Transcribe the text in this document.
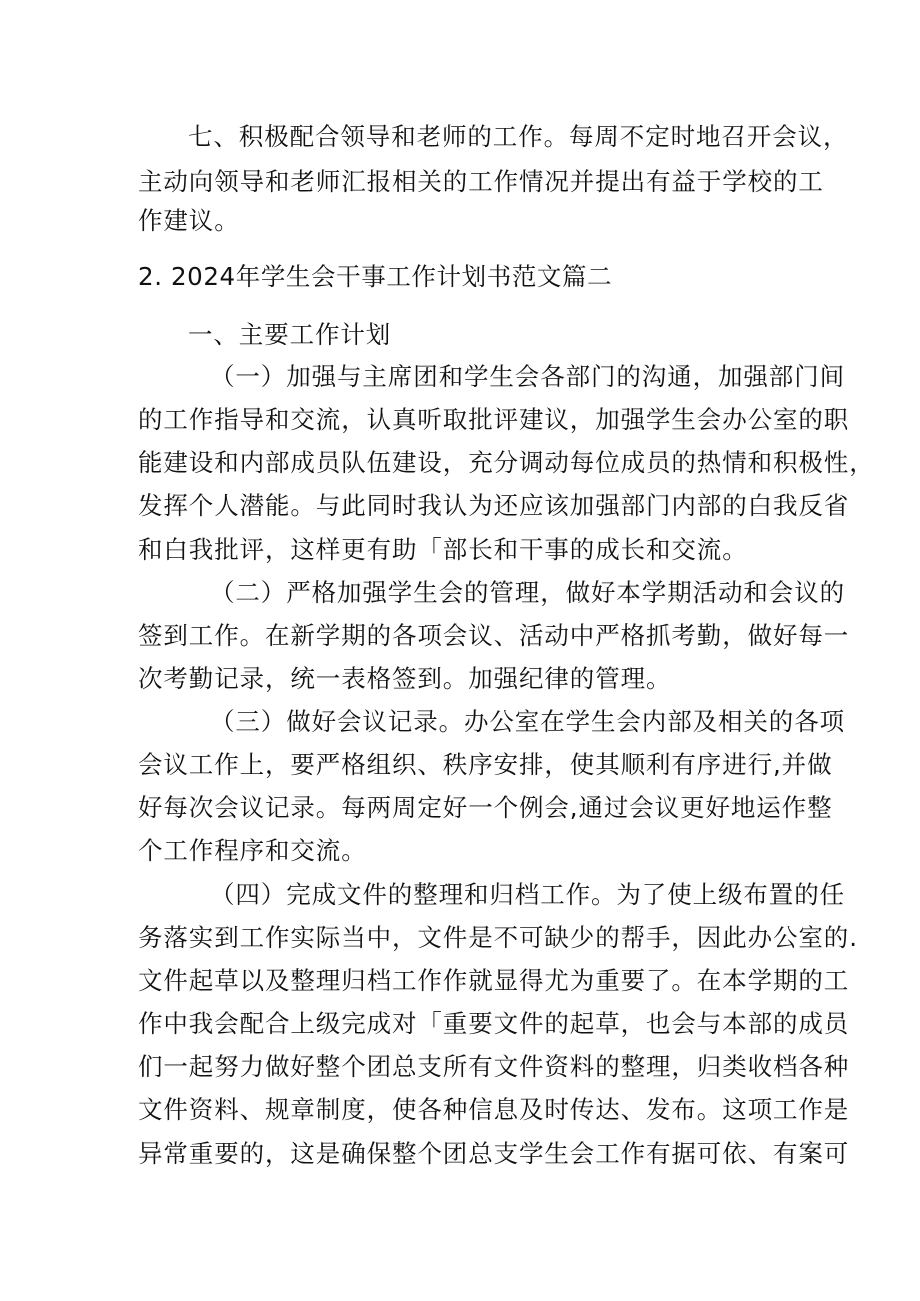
七、积极配合领导和老师的工作。每周不定时地召开会议，
主动向领导和老师汇报相关的工作情况并提出有益于学校的工
作建议。
2. 2024年学生会干事工作计划书范文篇二
一、主要工作计划
（一）加强与主席团和学生会各部门的沟通，加强部门间
的工作指导和交流，认真听取批评建议，加强学生会办公室的职
能建设和内部成员队伍建设，充分调动每位成员的热情和积极性，
发挥个人潜能。与此同时我认为还应该加强部门内部的白我反省
和白我批评，这样更有助「部长和干事的成长和交流。
（二）严格加强学生会的管理，做好本学期活动和会议的
签到工作。在新学期的各项会议、活动中严格抓考勤，做好每一
次考勤记录，统一表格签到。加强纪律的管理。
（三）做好会议记录。办公室在学生会内部及相关的各项
会议工作上，要严格组织、秩序安排，使其顺利有序进行,并做
好每次会议记录。每两周定好一个例会,通过会议更好地运作整
个工作程序和交流。
（四）完成文件的整理和归档工作。为了使上级布置的任
务落实到工作实际当中，文件是不可缺少的帮手，因此办公室的.
文件起草以及整理归档工作作就显得尤为重要了。在本学期的工
作中我会配合上级完成对「重要文件的起草，也会与本部的成员
们一起努力做好整个团总支所有文件资料的整理，归类收档各种
文件资料、规章制度，使各种信息及时传达、发布。这项工作是
异常重要的，这是确保整个团总支学生会工作有据可依、有案可
